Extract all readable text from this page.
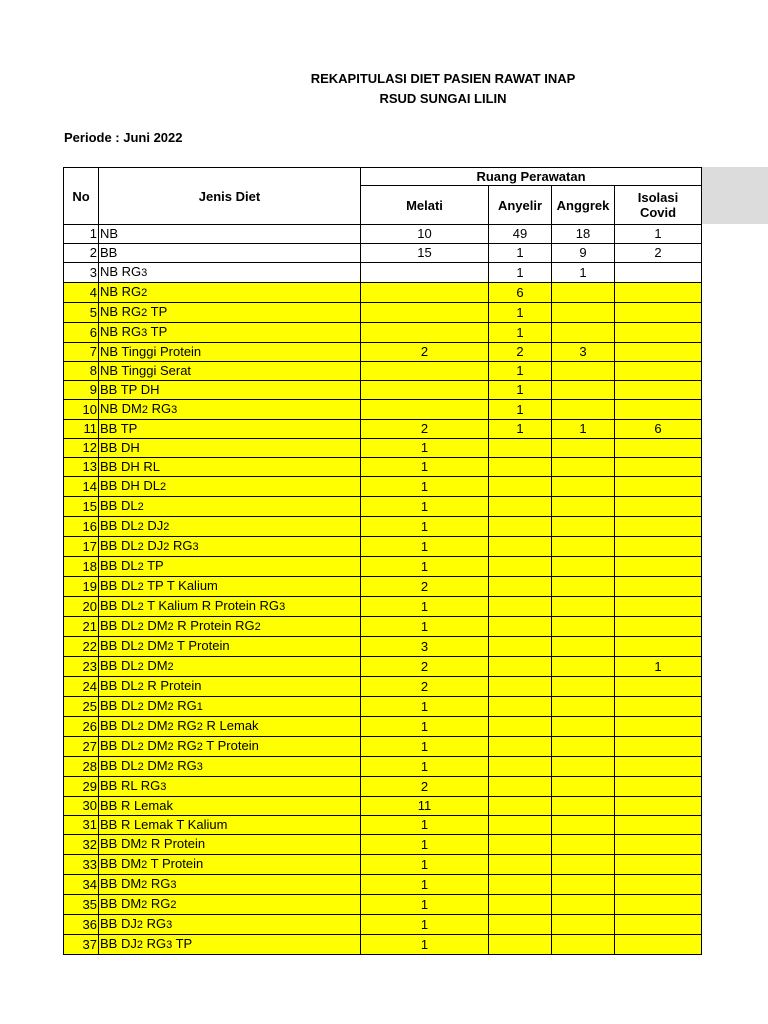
REKAPITULASI DIET PASIEN RAWAT INAP
RSUD SUNGAI LILIN
Periode : Juni 2022
No	Jenis Diet	Ruang Perawatan			
		Melati	Anyelir	Anggrek	Isolasi Covid
1	NB	10	49	18	1
2	BB	15	1	9	2
3	NB RG3		1	1	
4	NB RG2		6		
5	NB RG2 TP		1		
6	NB RG3 TP		1		
7	NB Tinggi Protein	2	2	3	
8	NB Tinggi Serat		1		
9	BB TP DH		1		
10	NB DM2 RG3		1		
11	BB TP	2	1	1	6
12	BB DH	1			
13	BB DH RL	1			
14	BB DH DL2	1			
15	BB DL2	1			
16	BB DL2 DJ2	1			
17	BB DL2 DJ2 RG3	1			
18	BB DL2 TP	1			
19	BB DL2 TP T Kalium	2			
20	BB DL2 T Kalium R Protein RG3	1			
21	BB DL2 DM2 R Protein RG2	1			
22	BB DL2 DM2 T Protein	3			
23	BB DL2 DM2	2			1
24	BB DL2 R Protein	2			
25	BB DL2 DM2 RG1	1			
26	BB DL2 DM2 RG2 R Lemak	1			
27	BB DL2 DM2 RG2 T Protein	1			
28	BB DL2 DM2 RG3	1			
29	BB RL RG3	2			
30	BB R Lemak	11			
31	BB R Lemak T Kalium	1			
32	BB DM2 R Protein	1			
33	BB DM2 T Protein	1			
34	BB DM2 RG3	1			
35	BB DM2 RG2	1			
36	BB DJ2 RG3	1			
37	BB DJ2 RG3 TP	1			
